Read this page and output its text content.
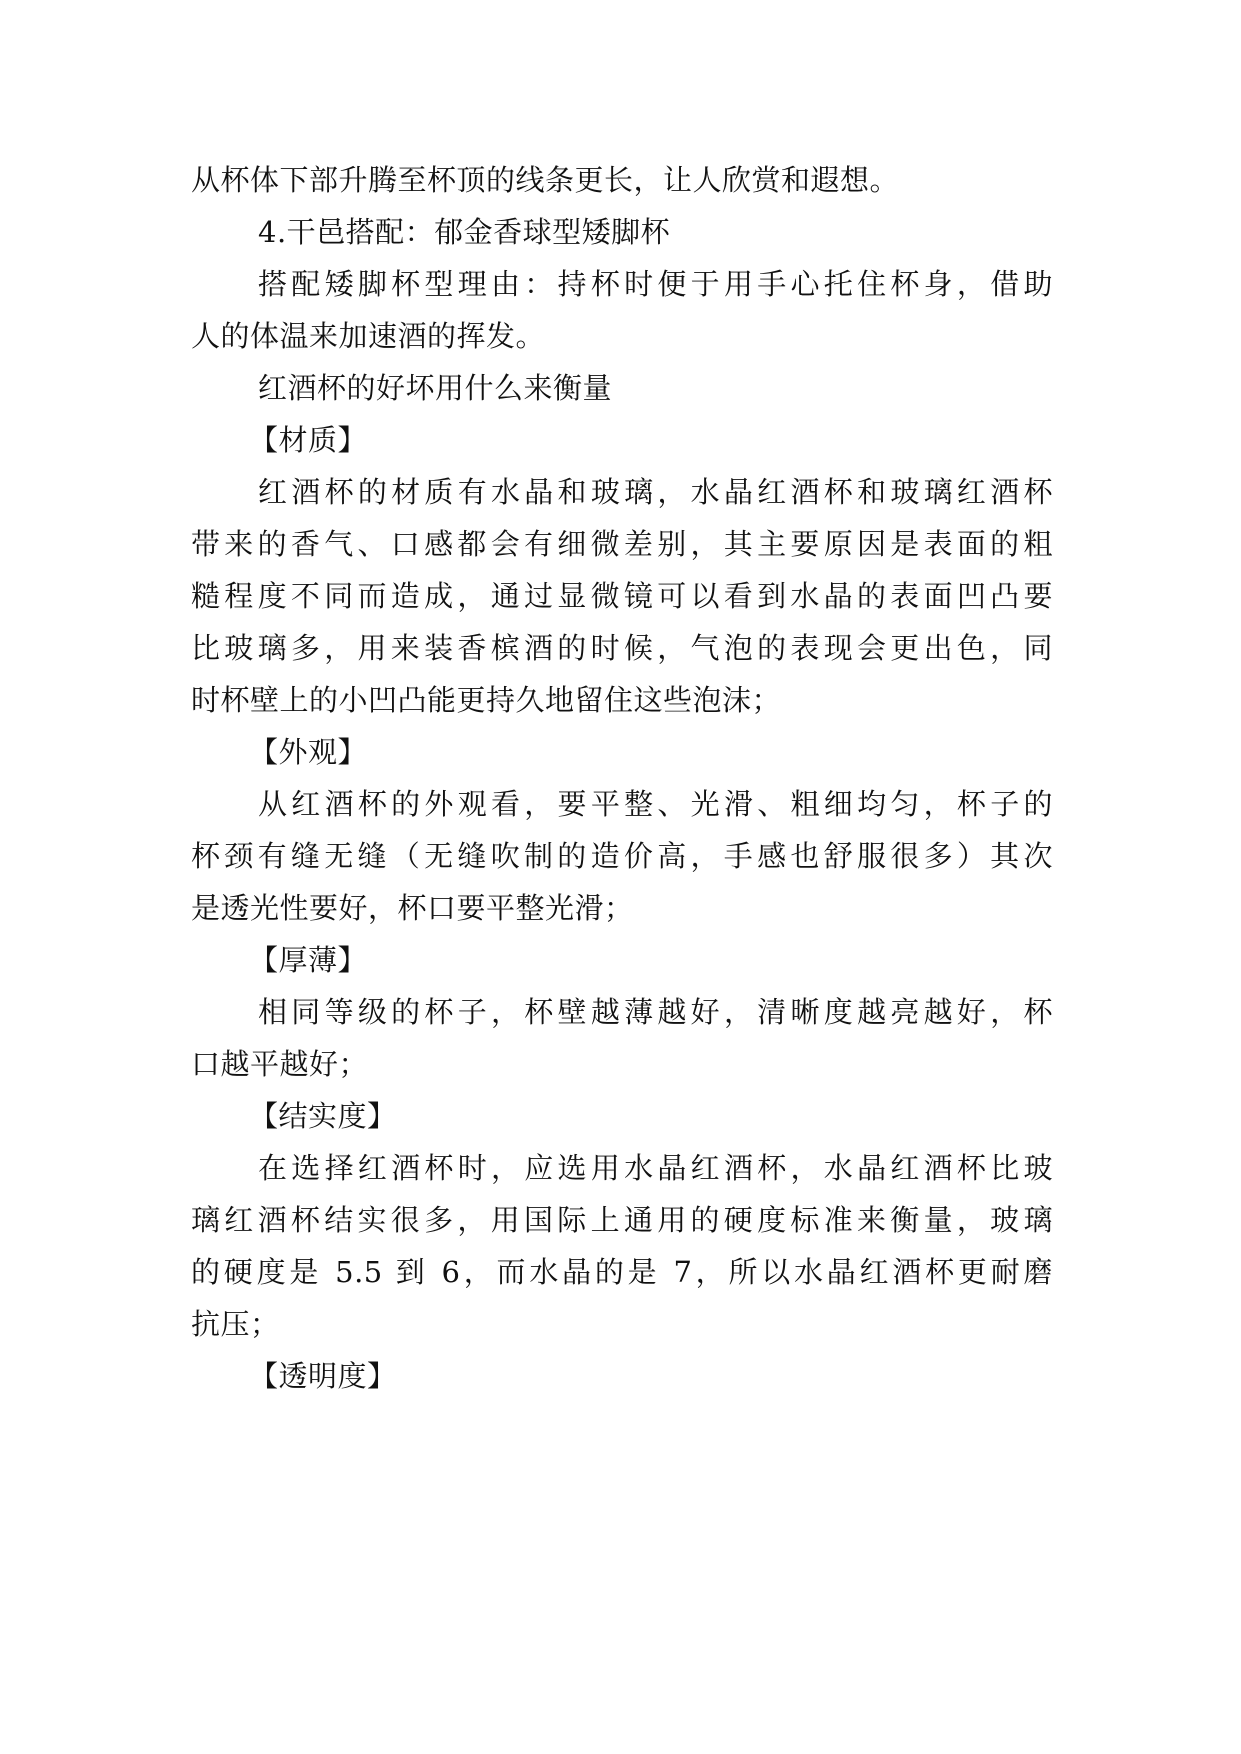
从杯体下部升腾至杯顶的线条更长，让人欣赏和遐想。
4.干邑搭配：郁金香球型矮脚杯
搭配矮脚杯型理由：持杯时便于用手心托住杯身，借助
人的体温来加速酒的挥发。
红酒杯的好坏用什么来衡量
【材质】
红酒杯的材质有水晶和玻璃，水晶红酒杯和玻璃红酒杯
带来的香气、口感都会有细微差别，其主要原因是表面的粗
糙程度不同而造成，通过显微镜可以看到水晶的表面凹凸要
比玻璃多，用来装香槟酒的时候，气泡的表现会更出色，同
时杯壁上的小凹凸能更持久地留住这些泡沫；
【外观】
从红酒杯的外观看，要平整、光滑、粗细均匀，杯子的
杯颈有缝无缝（无缝吹制的造价高，手感也舒服很多）其次
是透光性要好，杯口要平整光滑；
【厚薄】
相同等级的杯子，杯壁越薄越好，清晰度越亮越好，杯
口越平越好；
【结实度】
在选择红酒杯时，应选用水晶红酒杯，水晶红酒杯比玻
璃红酒杯结实很多，用国际上通用的硬度标准来衡量，玻璃
的硬度是 5.5 到 6，而水晶的是 7，所以水晶红酒杯更耐磨
抗压；
【透明度】
